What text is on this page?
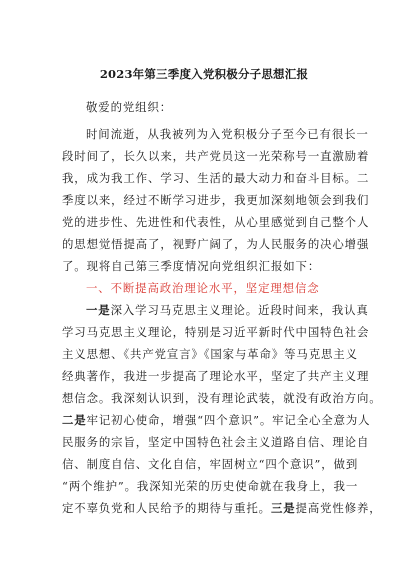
2023年第三季度入党积极分子思想汇报
敬爱的党组织：
时间流逝，从我被列为入党积极分子至今已有很长一
段时间了，长久以来，共产党员这一光荣称号一直激励着
我，成为我工作、学习、生活的最大动力和奋斗目标。二
季度以来，经过不断学习进步，我更加深刻地领会到我们
党的进步性、先进性和代表性，从心里感觉到自己整个人
的思想觉悟提高了，视野广阔了，为人民服务的决心增强
了。现将自己第三季度情况向党组织汇报如下：
一、不断提高政治理论水平，坚定理想信念
一是深入学习马克思主义理论。近段时间来，我认真
学习马克思主义理论，特别是习近平新时代中国特色社会
主义思想、《共产党宣言》《国家与革命》等马克思主义
经典著作，我进一步提高了理论水平，坚定了共产主义理
想信念。我深刻认识到，没有理论武装，就没有政治方向。
二是牢记初心使命，增强“四个意识”。牢记全心全意为人
民服务的宗旨，坚定中国特色社会主义道路自信、理论自
信、制度自信、文化自信，牢固树立“四个意识”，做到
“两个维护”。我深知光荣的历史使命就在我身上，我一
定不辜负党和人民给予的期待与重托。三是提高党性修养，
